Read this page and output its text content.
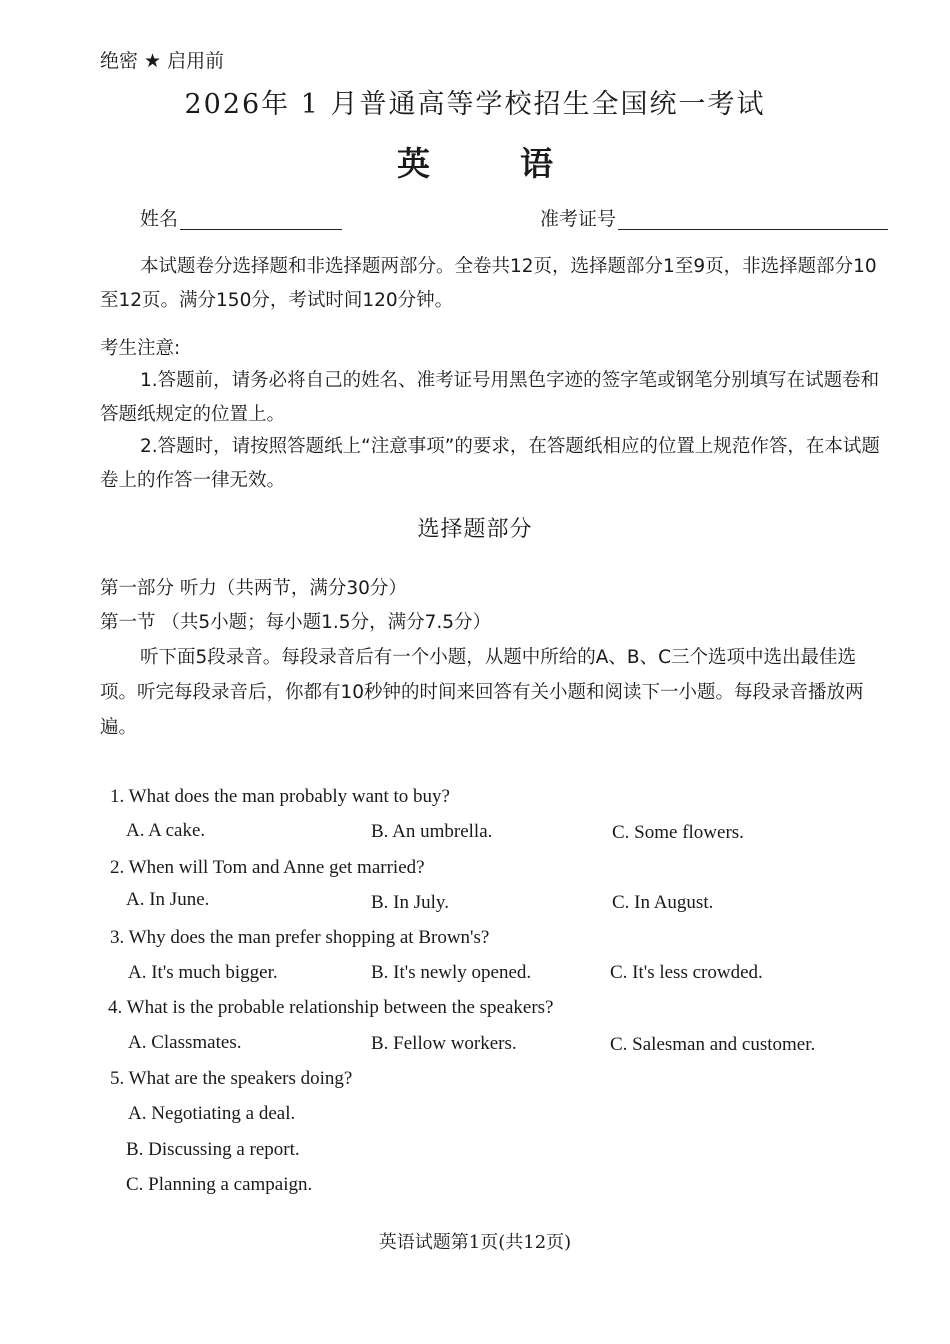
绝密 ★ 启用前
2026年 1 月普通高等学校招生全国统一考试
英	语
姓名	准考证号
本试题卷分选择题和非选择题两部分。全卷共12页，选择题部分1至9页，非选择题部分10至12页。满分150分，考试时间120分钟。
考生注意:
1.答题前，请务必将自己的姓名、准考证号用黑色字迹的签字笔或钢笔分别填写在试题卷和答题纸规定的位置上。
2.答题时，请按照答题纸上“注意事项”的要求，在答题纸相应的位置上规范作答，在本试题卷上的作答一律无效。
选择题部分
第一部分 听力（共两节，满分30分）
第一节 （共5小题；每小题1.5分，满分7.5分）
听下面5段录音。每段录音后有一个小题，从题中所给的A、B、C三个选项中选出最佳选项。听完每段录音后，你都有10秒钟的时间来回答有关小题和阅读下一小题。每段录音播放两遍。
1. What does the man probably want to buy?
A. A cake.	B. An umbrella.	C. Some flowers.
2. When will Tom and Anne get married?
A. In June.	B. In July.	C. In August.
3. Why does the man prefer shopping at Brown's?
A. It's much bigger.	B. It's newly opened.	C. It's less crowded.
4. What is the probable relationship between the speakers?
A. Classmates.	B. Fellow workers.	C. Salesman and customer.
5. What are the speakers doing?
A. Negotiating a deal.
B. Discussing a report.
C. Planning a campaign.
英语试题第1页(共12页)
